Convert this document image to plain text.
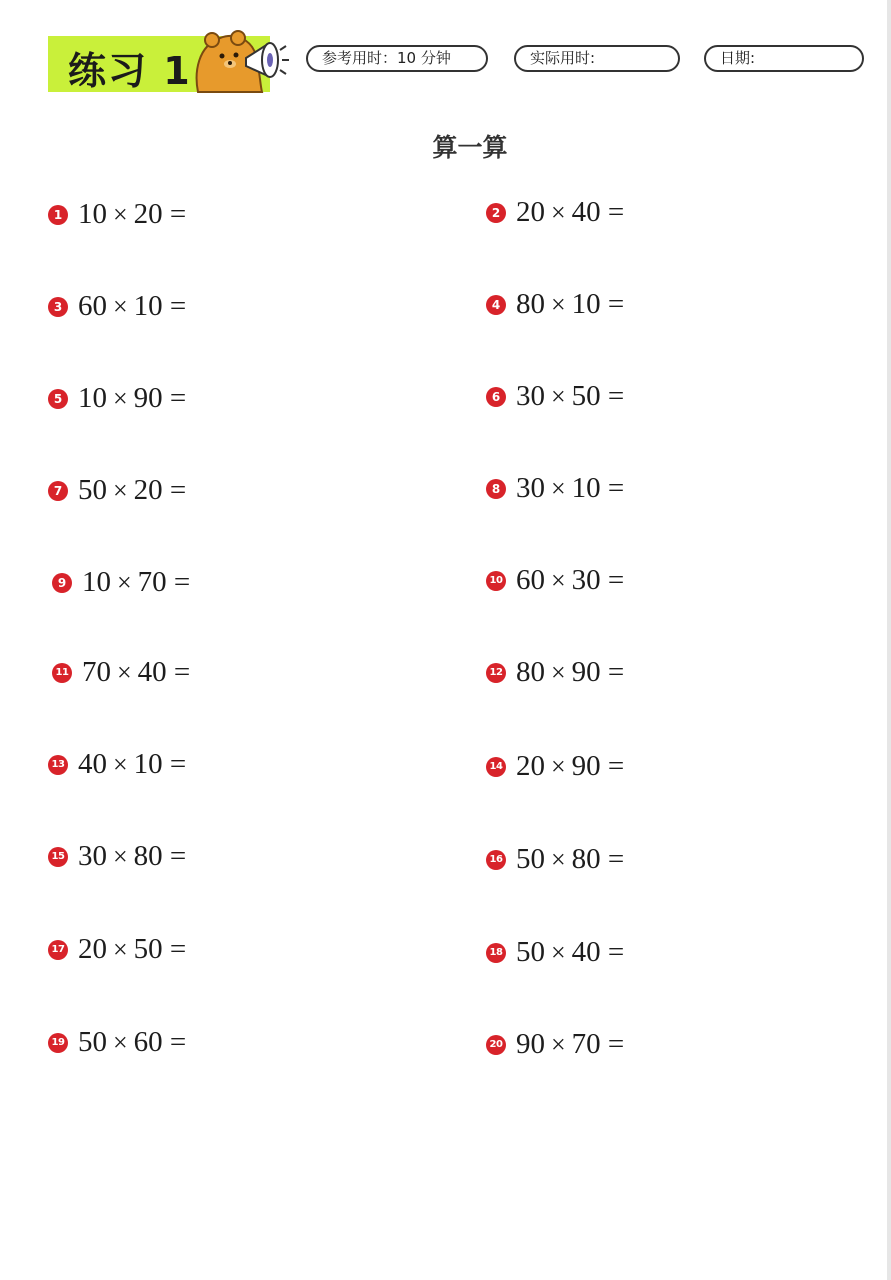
练习 1	参考用时：10 分钟	实际用时:	日期:
算一算
1 10 × 20 =	2 20 × 40 =
3 60 × 10 =	4 80 × 10 =
5 10 × 90 =	6 30 × 50 =
7 50 × 20 =	8 30 × 10 =
9 10 × 70 =	10 60 × 30 =
11 70 × 40 =	12 80 × 90 =
13 40 × 10 =	14 20 × 90 =
15 30 × 80 =	16 50 × 80 =
17 20 × 50 =	18 50 × 40 =
19 50 × 60 =	20 90 × 70 =
